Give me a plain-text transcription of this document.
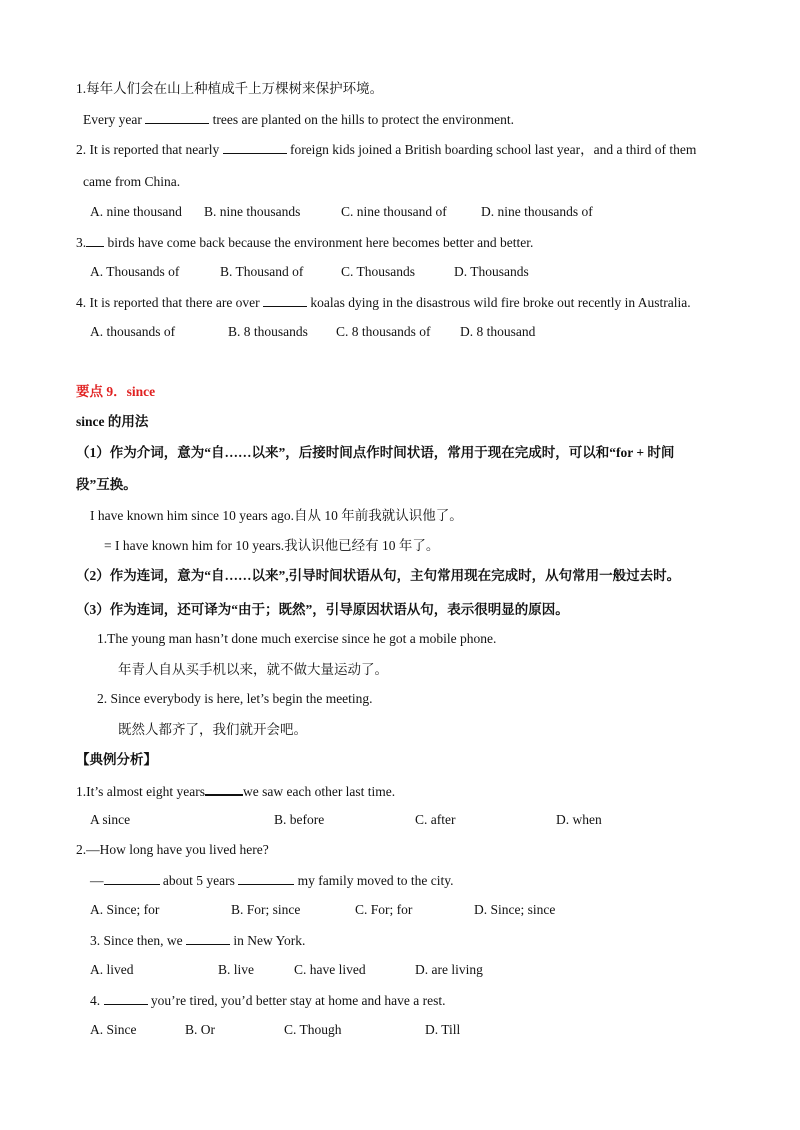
1.每年人们会在山上种植成千上万棵树来保护环境。
Every year	trees are planted on the hills to protect the environment.
2. It is reported that nearly	foreign kids joined a British boarding school last year，and a third of them
came from China.
A. nine thousand B. nine thousands	C. nine thousand of	D. nine thousands of
3. birds have come back because the environment here becomes better and better.
A. Thousands of	B. Thousand of	C. Thousands	D. Thousands
4. It is reported that there are over	koalas dying in the disastrous wild fire broke out recently in Australia.
A. thousands of	B. 8 thousands C. 8 thousands of D. 8 thousand
要点 9．since
since 的用法
（1）作为介词，意为“自……以来”，后接时间点作时间状语，常用于现在完成时，可以和“for + 时间
段”互换。
I have known him since 10 years ago.自从 10 年前我就认识他了。
= I have known him for 10 years.我认识他已经有 10 年了。
（2）作为连词，意为“自……以来”,引导时间状语从句，主句常用现在完成时，从句常用一般过去时。
（3）作为连词，还可译为“由于；既然”，引导原因状语从句，表示很明显的原因。
1.The young man hasn’t done much exercise since he got a mobile phone.
年青人自从买手机以来，就不做大量运动了。
2. Since everybody is here, let’s begin the meeting.
既然人都齐了，我们就开会吧。
【典例分析】
1.It’s almost eight years	we saw each other last time.
A since	B. before	C. after	D. when
2.—How long have you lived here?
—	about 5 years	my family moved to the city.
A. Since; for	B. For; since	C. For; for	D. Since; since
3. Since then, we	in New York.
A. lived	B. live	C. have lived	D. are living
4.	you’re tired, you’d better stay at home and have a rest.
A. Since	B. Or	C. Though	D. Till
